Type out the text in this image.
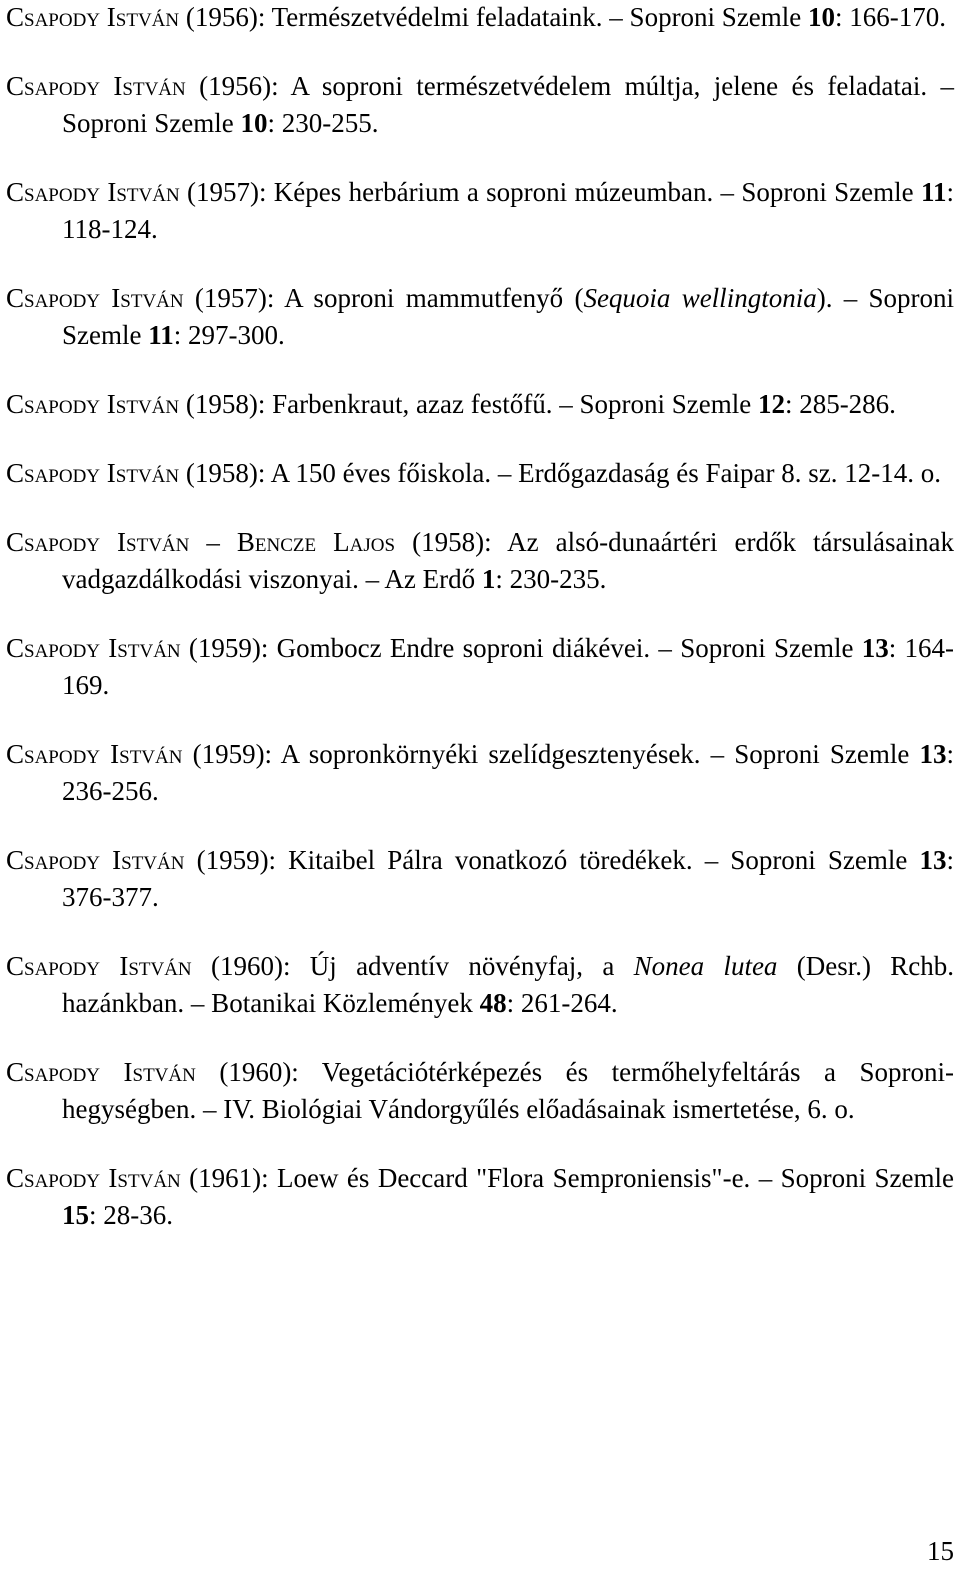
Csapody István (1956): Természetvédelmi feladataink. – Soproni Szemle 10: 166-170.

Csapody István (1956): A soproni természetvédelem múltja, jelene és feladatai. – Soproni Szemle 10: 230-255.

Csapody István (1957): Képes herbárium a soproni múzeumban. – Soproni Szemle 11: 118-124.

Csapody István (1957): A soproni mammutfenyő (Sequoia wellingtonia). – Soproni Szemle 11: 297-300.

Csapody István (1958): Farbenkraut, azaz festőfű. – Soproni Szemle 12: 285-286.

Csapody István (1958): A 150 éves főiskola. – Erdőgazdaság és Faipar 8. sz. 12-14. o.

Csapody István – Bencze Lajos (1958): Az alsó-dunaártéri erdők társulásainak vadgazdálkodási viszonyai. – Az Erdő 1: 230-235.

Csapody István (1959): Gombocz Endre soproni diákévei. – Soproni Szemle 13: 164-169.

Csapody István (1959): A sopronkörnyéki szelídgesztenyések. – Soproni Szemle 13: 236-256.

Csapody István (1959): Kitaibel Pálra vonatkozó töredékek. – Soproni Szemle 13: 376-377.

Csapody István (1960): Új adventív növényfaj, a Nonea lutea (Desr.) Rchb. hazánkban. – Botanikai Közlemények 48: 261-264.

Csapody István (1960): Vegetációtérképezés és termőhelyfeltárás a Soproni-hegységben. – IV. Biológiai Vándorgyűlés előadásainak ismertetése, 6. o.

Csapody István (1961): Loew és Deccard "Flora Semproniensis"-e. – Soproni Szemle 15: 28-36.

15
